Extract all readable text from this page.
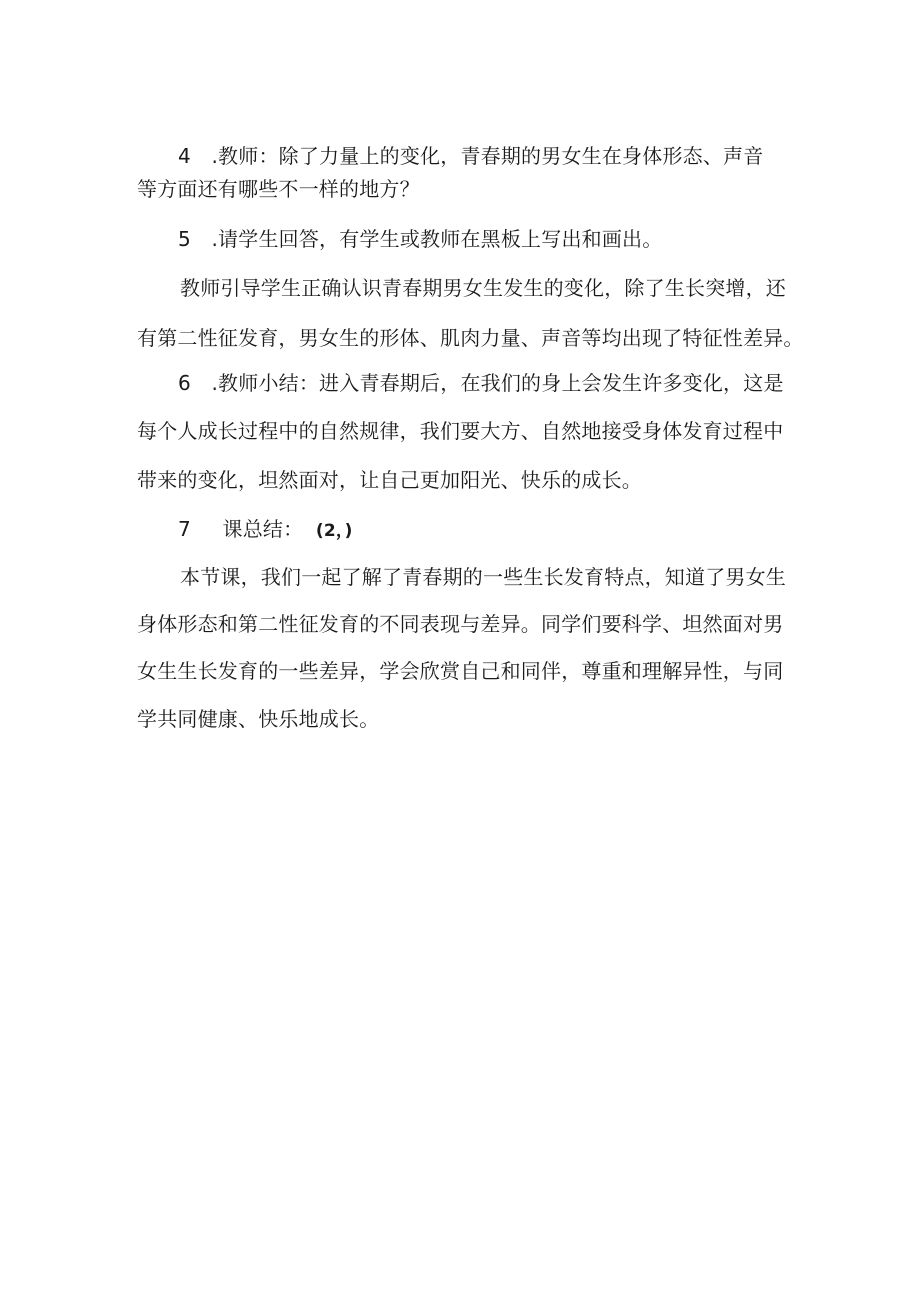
4 .教师：除了力量上的变化，青春期的男女生在身体形态、声音
等方面还有哪些不一样的地方？
5 .请学生回答，有学生或教师在黑板上写出和画出。
教师引导学生正确认识青春期男女生发生的变化，除了生长突增，还
有第二性征发育，男女生的形体、肌肉力量、声音等均出现了特征性差异。
6 .教师小结：进入青春期后，在我们的身上会发生许多变化，这是
每个人成长过程中的自然规律，我们要大方、自然地接受身体发育过程中
带来的变化，坦然面对，让自己更加阳光、快乐的成长。
7 课总结： (2，)
本节课，我们一起了解了青春期的一些生长发育特点，知道了男女生
身体形态和第二性征发育的不同表现与差异。同学们要科学、坦然面对男
女生生长发育的一些差异，学会欣赏自己和同伴，尊重和理解异性，与同
学共同健康、快乐地成长。
